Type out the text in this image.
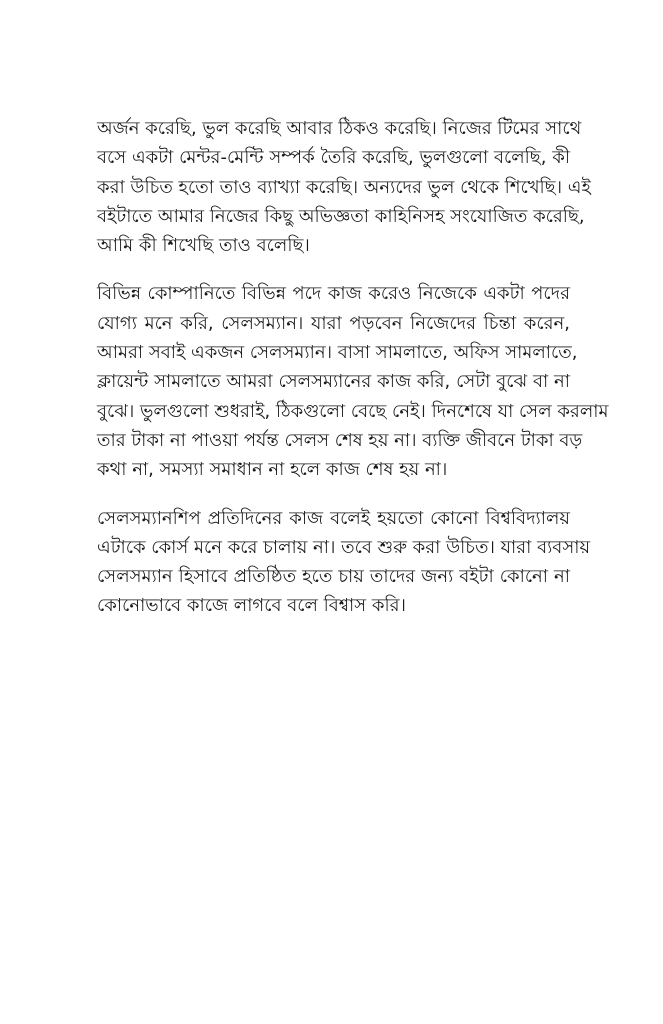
অর্জন করেছি, ভুল করেছি আবার ঠিকও করেছি। নিজের টিমের সাথে
বসে একটা মেন্টর-মেন্টি সম্পর্ক তৈরি করেছি, ভুলগুলো বলেছি, কী
করা উচিত হতো তাও ব্যাখ্যা করেছি। অন্যদের ভুল থেকে শিখেছি। এই
বইটাতে আমার নিজের কিছু অভিজ্ঞতা কাহিনিসহ সংযোজিত করেছি,
আমি কী শিখেছি তাও বলেছি।
বিভিন্ন কোম্পানিতে বিভিন্ন পদে কাজ করেও নিজেকে একটা পদের
যোগ্য মনে করি, সেলসম্যান। যারা পড়বেন নিজেদের চিন্তা করেন,
আমরা সবাই একজন সেলসম্যান। বাসা সামলাতে, অফিস সামলাতে,
ক্লায়েন্ট সামলাতে আমরা সেলসম্যানের কাজ করি, সেটা বুঝে বা না
বুঝে। ভুলগুলো শুধরাই, ঠিকগুলো বেছে নেই। দিনশেষে যা সেল করলাম
তার টাকা না পাওয়া পর্যন্ত সেলস শেষ হয় না। ব্যক্তি জীবনে টাকা বড়
কথা না, সমস্যা সমাধান না হলে কাজ শেষ হয় না।
সেলসম্যানশিপ প্রতিদিনের কাজ বলেই হয়তো কোনো বিশ্ববিদ্যালয়
এটাকে কোর্স মনে করে চালায় না। তবে শুরু করা উচিত। যারা ব্যবসায়
সেলসম্যান হিসাবে প্রতিষ্ঠিত হতে চায় তাদের জন্য বইটা কোনো না
কোনোভাবে কাজে লাগবে বলে বিশ্বাস করি।
